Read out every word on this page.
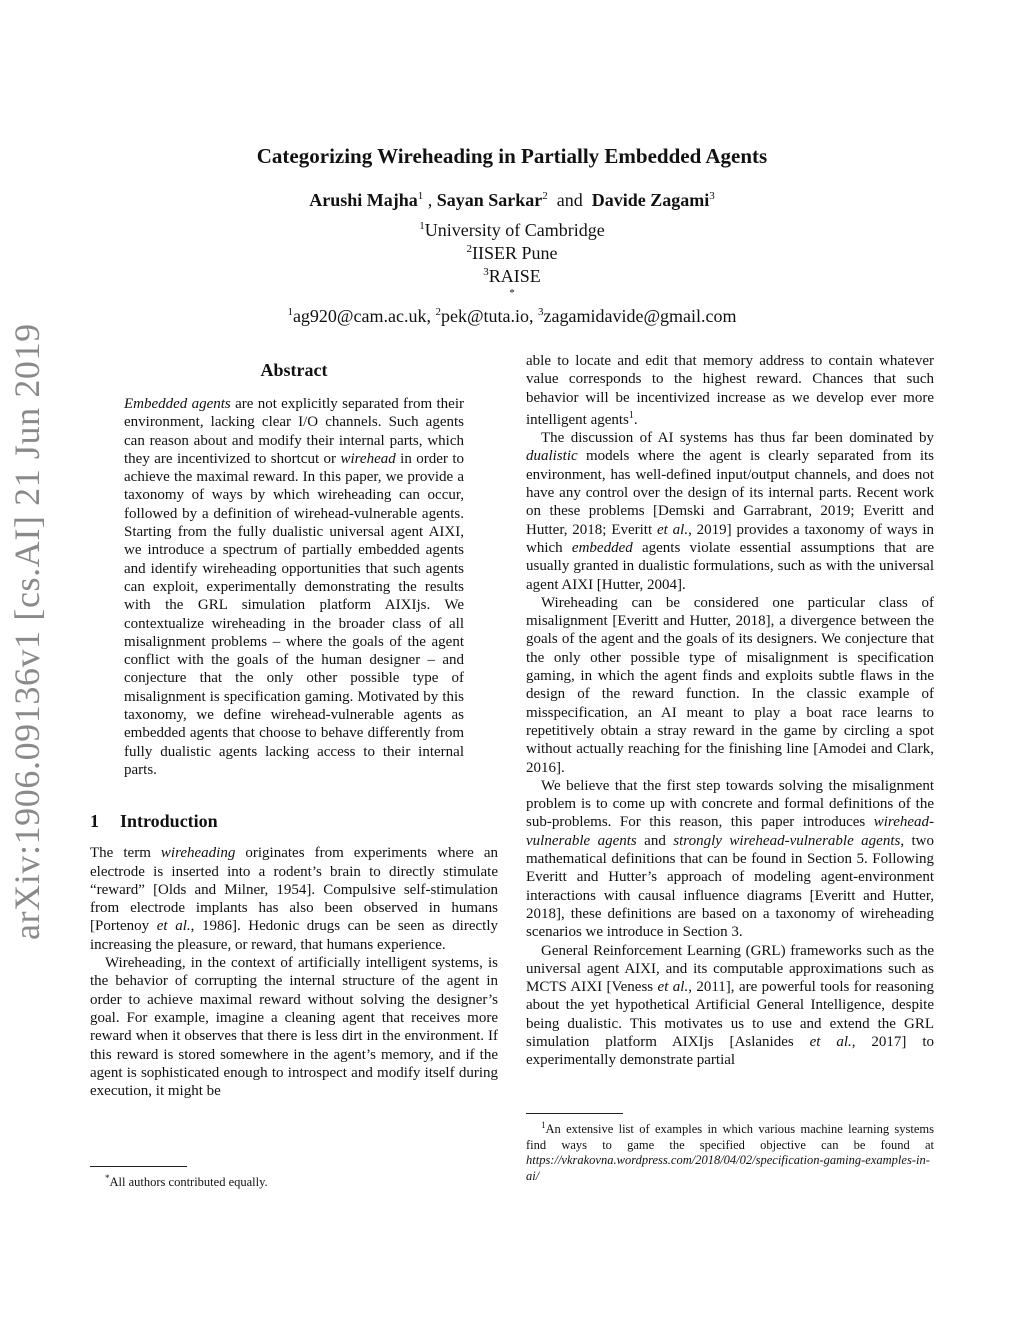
arXiv:1906.09136v1 [cs.AI] 21 Jun 2019
Categorizing Wireheading in Partially Embedded Agents
Arushi Majha$^1$ , Sayan Sarkar$^2$ and Davide Zagami$^3$
$^1$University of Cambridge
$^2$IISER Pune
$^3$RAISE
*
$^1$ag920@cam.ac.uk, $^2$pek@tuta.io, $^3$zagamidavide@gmail.com
Abstract
Embedded agents are not explicitly separated from their environment, lacking clear I/O channels. Such agents can reason about and modify their internal parts, which they are incentivized to shortcut or wirehead in order to achieve the maximal reward. In this paper, we provide a taxonomy of ways by which wireheading can occur, followed by a definition of wirehead-vulnerable agents. Starting from the fully dualistic universal agent AIXI, we introduce a spectrum of partially embedded agents and identify wireheading opportunities that such agents can exploit, experimentally demonstrating the results with the GRL simulation platform AIXIjs. We contextualize wireheading in the broader class of all misalignment problems – where the goals of the agent conflict with the goals of the human designer – and conjecture that the only other possible type of misalignment is specification gaming. Motivated by this taxonomy, we define wirehead-vulnerable agents as embedded agents that choose to behave differently from fully dualistic agents lacking access to their internal parts.
1 Introduction

The term wireheading originates from experiments where an electrode is inserted into a rodent’s brain to directly stimulate “reward” [Olds and Milner, 1954]. Compulsive self-stimulation from electrode implants has also been observed in humans [Portenoy et al., 1986]. Hedonic drugs can be seen as directly increasing the pleasure, or reward, that humans experience.

Wireheading, in the context of artificially intelligent systems, is the behavior of corrupting the internal structure of the agent in order to achieve maximal reward without solving the designer’s goal. For example, imagine a cleaning agent that receives more reward when it observes that there is less dirt in the environment. If this reward is stored somewhere in the agent’s memory, and if the agent is sophisticated enough to introspect and modify itself during execution, it might be

*All authors contributed equally.

able to locate and edit that memory address to contain whatever value corresponds to the highest reward. Chances that such behavior will be incentivized increase as we develop ever more intelligent agents$^1$.

The discussion of AI systems has thus far been dominated by dualistic models where the agent is clearly separated from its environment, has well-defined input/output channels, and does not have any control over the design of its internal parts. Recent work on these problems [Demski and Garrabrant, 2019; Everitt and Hutter, 2018; Everitt et al., 2019] provides a taxonomy of ways in which embedded agents violate essential assumptions that are usually granted in dualistic formulations, such as with the universal agent AIXI [Hutter, 2004].

Wireheading can be considered one particular class of misalignment [Everitt and Hutter, 2018], a divergence between the goals of the agent and the goals of its designers. We conjecture that the only other possible type of misalignment is specification gaming, in which the agent finds and exploits subtle flaws in the design of the reward function. In the classic example of misspecification, an AI meant to play a boat race learns to repetitively obtain a stray reward in the game by circling a spot without actually reaching for the finishing line [Amodei and Clark, 2016].

We believe that the first step towards solving the misalignment problem is to come up with concrete and formal definitions of the sub-problems. For this reason, this paper introduces wirehead-vulnerable agents and strongly wirehead-vulnerable agents, two mathematical definitions that can be found in Section 5. Following Everitt and Hutter’s approach of modeling agent-environment interactions with causal influence diagrams [Everitt and Hutter, 2018], these definitions are based on a taxonomy of wireheading scenarios we introduce in Section 3.

General Reinforcement Learning (GRL) frameworks such as the universal agent AIXI, and its computable approximations such as MCTS AIXI [Veness et al., 2011], are powerful tools for reasoning about the yet hypothetical Artificial General Intelligence, despite being dualistic. This motivates us to use and extend the GRL simulation platform AIXIjs [Aslanides et al., 2017] to experimentally demonstrate partial

$^1$An extensive list of examples in which various machine learning systems find ways to game the specified objective can be found at https://vkrakovna.wordpress.com/2018/04/02/specification-gaming-examples-in-ai/
